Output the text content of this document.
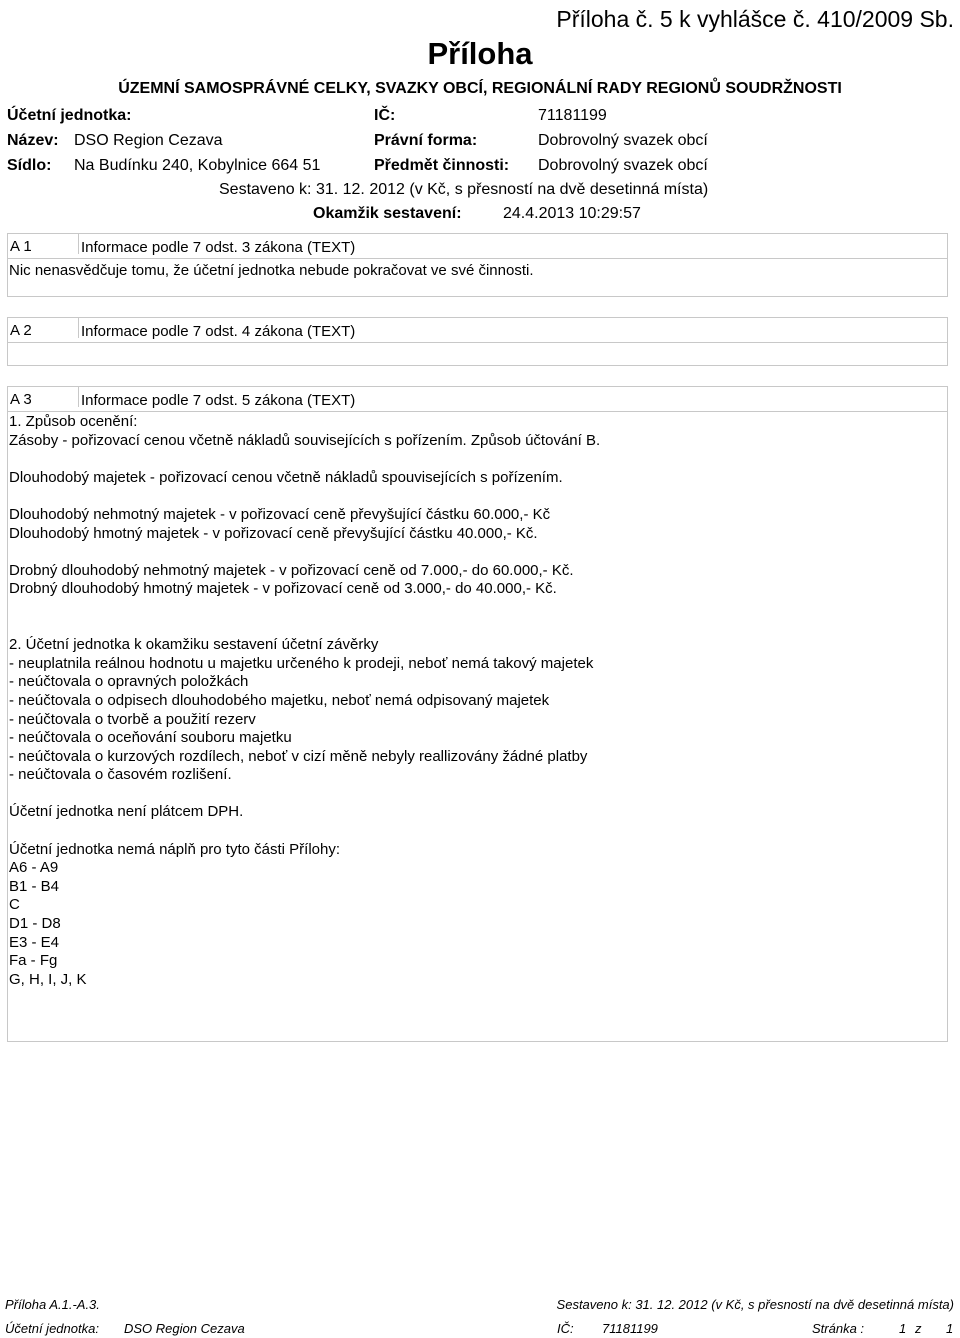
Příloha č. 5 k vyhlášce č. 410/2009 Sb.
Příloha
ÚZEMNÍ SAMOSPRÁVNÉ CELKY, SVAZKY OBCÍ, REGIONÁLNÍ RADY REGIONŮ SOUDRŽNOSTI
Účetní jednotka:	IČ:	71181199
Název: DSO Region Cezava	Právní forma:	Dobrovolný svazek obcí
Sídlo: Na Budínku 240, Kobylnice 664 51	Předmět činnosti: Dobrovolný svazek obcí
Sestaveno k: 31. 12. 2012 (v Kč, s přesností na dvě desetinná místa)
Okamžik sestavení:	24.4.2013 10:29:57
A 1	Informace podle 7 odst. 3 zákona (TEXT)
Nic nenasvědčuje tomu, že účetní jednotka nebude pokračovat ve své činnosti.
A 2	Informace podle 7 odst. 4 zákona (TEXT)
A 3	Informace podle 7 odst. 5 zákona (TEXT)
1. Způsob ocenění:
Zásoby - pořizovací cenou včetně nákladů souvisejících s pořízením. Způsob účtování B.
Dlouhodobý majetek - pořizovací cenou včetně nákladů spouvisejících s pořízením.
Dlouhodobý nehmotný majetek - v pořizovací ceně převyšující částku 60.000,- Kč
Dlouhodobý hmotný majetek - v pořizovací ceně převyšující částku 40.000,- Kč.
Drobný dlouhodobý nehmotný majetek - v pořizovací ceně od 7.000,- do 60.000,- Kč.
Drobný dlouhodobý hmotný majetek - v pořizovací ceně od 3.000,- do 40.000,- Kč.
2. Účetní jednotka k okamžiku sestavení účetní závěrky
- neuplatnila reálnou hodnotu u majetku určeného k prodeji, neboť nemá takový majetek
- neúčtovala o opravných položkách
- neúčtovala o odpisech dlouhodobého majetku, neboť nemá odpisovaný majetek
- neúčtovala o tvorbě a použití rezerv
- neúčtovala o oceňování souboru majetku
- neúčtovala o kurzových rozdílech, neboť v cizí měně nebyly reallizovány žádné platby
- neúčtovala o časovém rozlišení.
Účetní jednotka není plátcem DPH.
Účetní jednotka nemá náplň pro tyto části Přílohy:
A6 - A9
B1 - B4
C
D1 - D8
E3 - E4
Fa - Fg
G, H, I, J, K
Příloha A.1.-A.3.	Sestaveno k: 31. 12. 2012 (v Kč, s přesností na dvě desetinná místa)
Účetní jednotka: DSO Region Cezava	IČ: 71181199	Stránka :	1 z 1
